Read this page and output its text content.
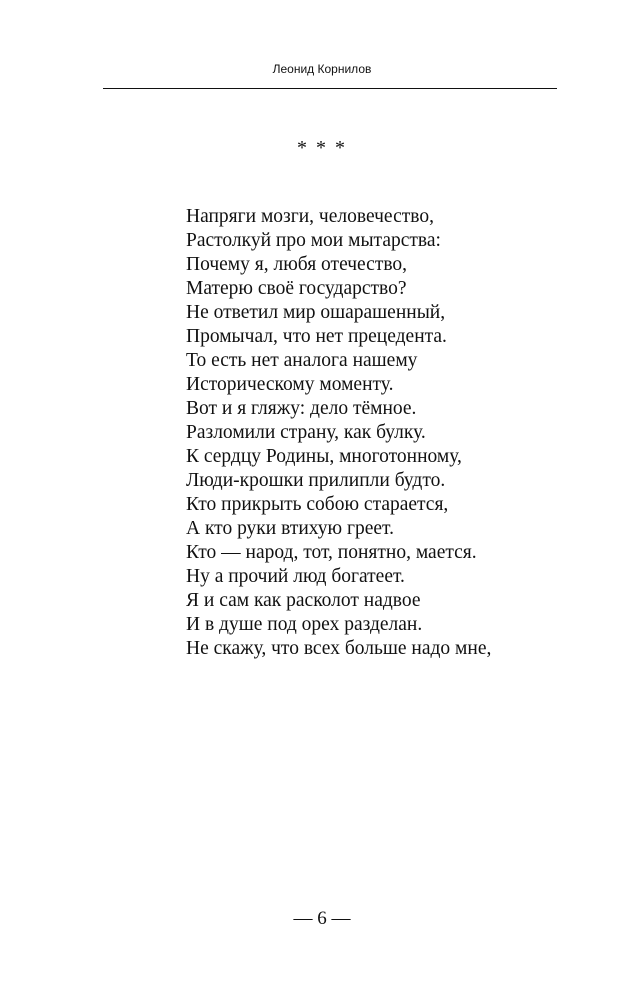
Леонид Корнилов
* * *
Напряги мозги, человечество,
Растолкуй про мои мытарства:
Почему я, любя отечество,
Матерю своё государство?
Не ответил мир ошарашенный,
Промычал, что нет прецедента.
То есть нет аналога нашему
Историческому моменту.
Вот и я гляжу: дело тёмное.
Разломили страну, как булку.
К сердцу Родины, многотонному,
Люди-крошки прилипли будто.
Кто прикрыть собою старается,
А кто руки втихую греет.
Кто — народ, тот, понятно, мается.
Ну а прочий люд богатеет.
Я и сам как расколот надвое
И в душе под орех разделан.
Не скажу, что всех больше надо мне,
— 6 —
